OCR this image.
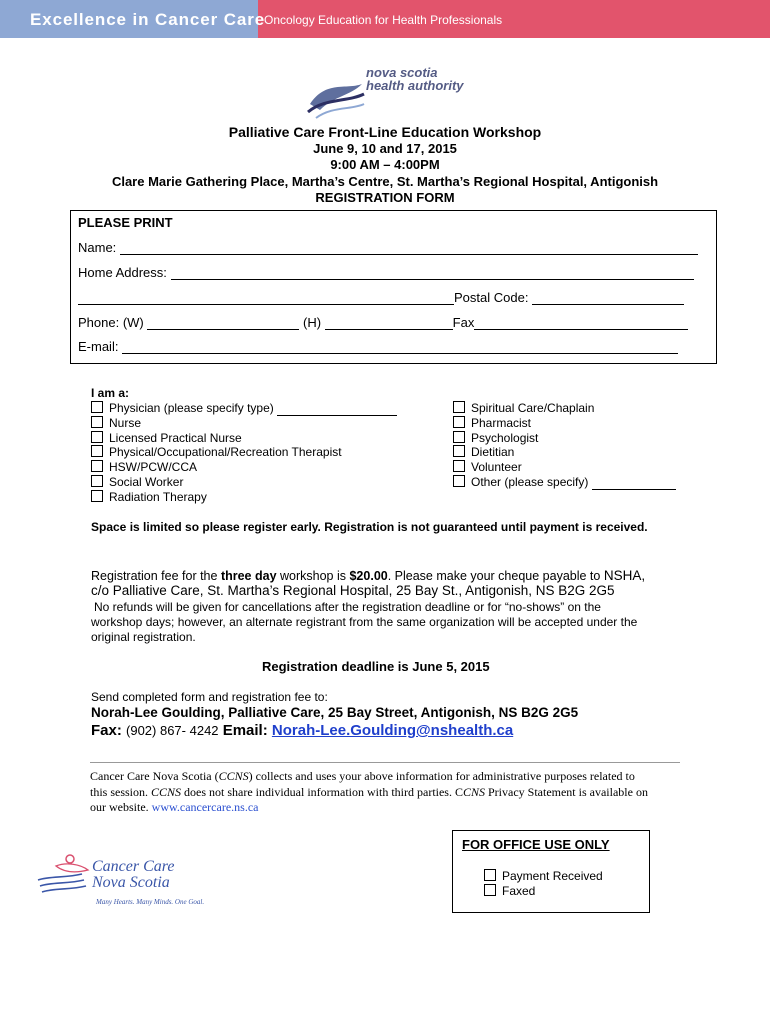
Excellence in Cancer Care
Oncology Education for Health Professionals
nova scotia
health authority
Palliative Care Front-Line Education Workshop
June 9, 10 and 17, 2015
9:00 AM – 4:00PM
Clare Marie Gathering Place, Martha’s Centre, St. Martha’s Regional Hospital, Antigonish
REGISTRATION FORM
PLEASE PRINT
Name:
Home Address:
Postal Code:
Phone: (W)	(H)	Fax
E-mail:
I am a:
Physician (please specify type)
Nurse
Licensed Practical Nurse
Physical/Occupational/Recreation Therapist
HSW/PCW/CCA
Social Worker
Radiation Therapy
Spiritual Care/Chaplain
Pharmacist
Psychologist
Dietitian
Volunteer
Other (please specify)
Space is limited so please register early. Registration is not guaranteed until payment is received.
Registration fee for the three day workshop is $20.00. Please make your cheque payable to NSHA,
c/o Palliative Care, St. Martha’s Regional Hospital, 25 Bay St., Antigonish, NS B2G 2G5
No refunds will be given for cancellations after the registration deadline or for “no-shows” on the
workshop days; however, an alternate registrant from the same organization will be accepted under the
original registration.
Registration deadline is June 5, 2015
Send completed form and registration fee to:
Norah-Lee Goulding, Palliative Care, 25 Bay Street, Antigonish, NS B2G 2G5
Fax: (902) 867- 4242 Email: Norah-Lee.Goulding@nshealth.ca
Cancer Care Nova Scotia (CCNS) collects and uses your above information for administrative purposes related to
this session. CCNS does not share individual information with third parties. CCNS Privacy Statement is available on
our website. www.cancercare.ns.ca
FOR OFFICE USE ONLY
Payment Received
Faxed
Cancer Care
Nova Scotia
Many Hearts. Many Minds. One Goal.
